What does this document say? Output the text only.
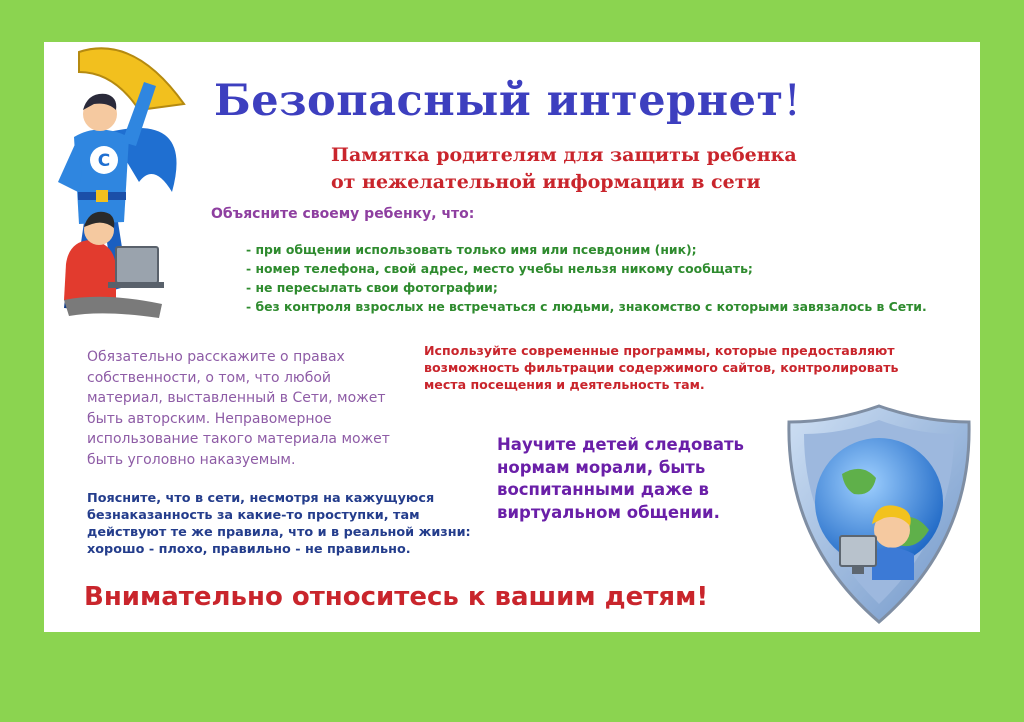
С
Безопасный интернет!
Памятка родителям для защиты ребенка
от нежелательной информации в сети
Объясните своему ребенку, что:
- при общении использовать только имя или псевдоним (ник);
- номер телефона, свой адрес, место учебы нельзя никому сообщать;
- не пересылать свои фотографии;
- без контроля взрослых не встречаться с людьми, знакомство с которыми завязалось в Сети.
Обязательно расскажите о правах
собственности, о том, что любой
материал, выставленный в Сети, может
быть авторским. Неправомерное
использование такого материала может
быть уголовно наказуемым.
Используйте современные программы, которые предоставляют
возможность фильтрации содержимого сайтов, контролировать
места посещения и деятельность там.
Научите детей следовать
нормам морали, быть
воспитанными даже в
виртуальном общении.
Поясните, что в сети, несмотря на кажущуюся
безнаказанность за какие-то проступки, там
действуют те же правила, что и в реальной жизни:
хорошо - плохо, правильно - не правильно.
Внимательно относитесь к вашим детям!
